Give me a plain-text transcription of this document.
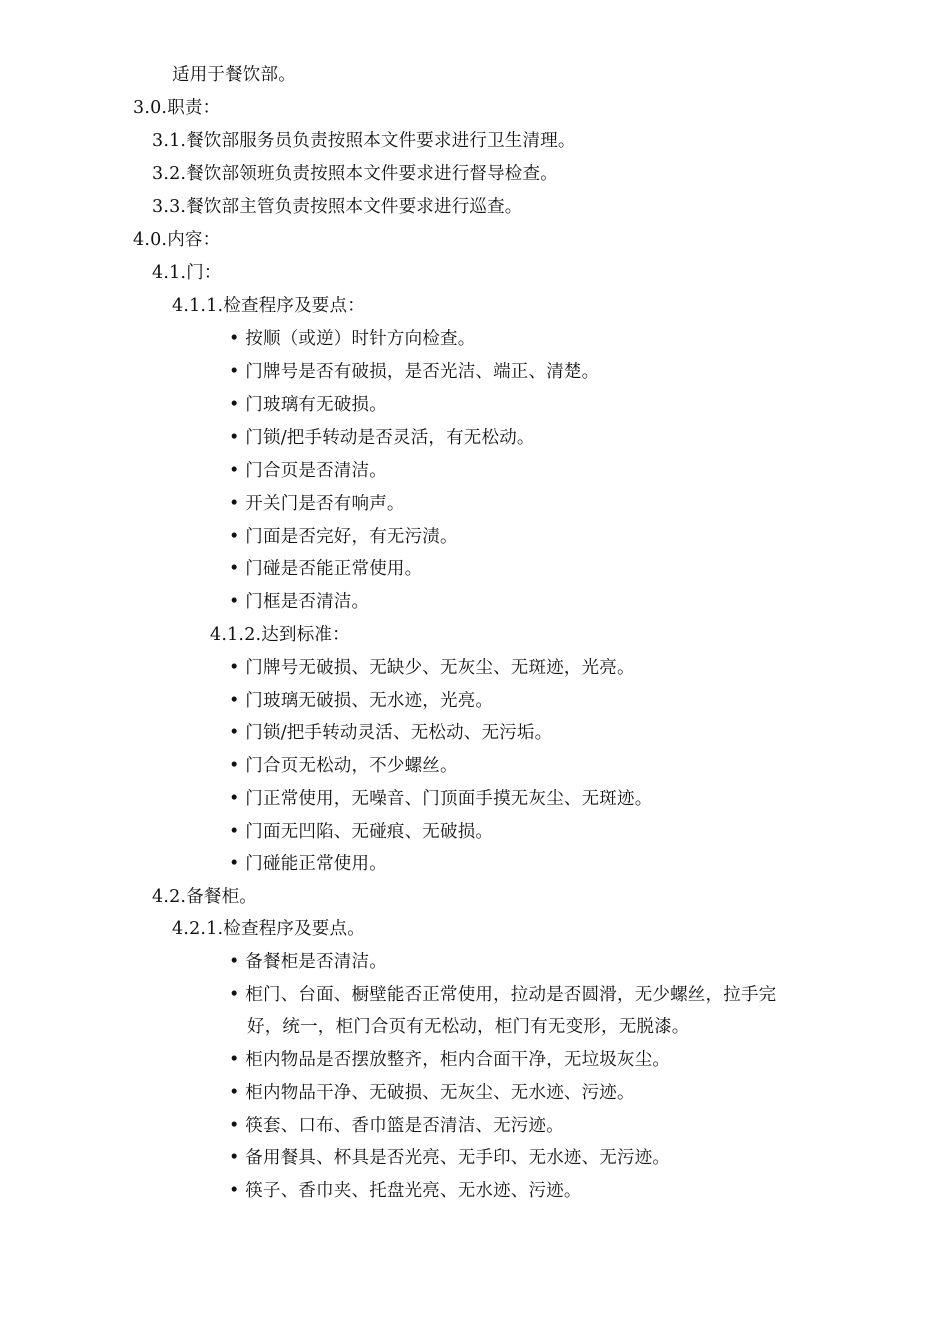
适用于餐饮部。
3.0.职责：
3.1.餐饮部服务员负责按照本文件要求进行卫生清理。
3.2.餐饮部领班负责按照本文件要求进行督导检查。
3.3.餐饮部主管负责按照本文件要求进行巡查。
4.0.内容：
4.1.门：
4.1.1.检查程序及要点：
• 按顺（或逆）时针方向检查。
• 门牌号是否有破损，是否光洁、端正、清楚。
• 门玻璃有无破损。
• 门锁/把手转动是否灵活，有无松动。
• 门合页是否清洁。
• 开关门是否有响声。
• 门面是否完好，有无污渍。
• 门碰是否能正常使用。
• 门框是否清洁。
4.1.2.达到标准：
• 门牌号无破损、无缺少、无灰尘、无斑迹，光亮。
• 门玻璃无破损、无水迹，光亮。
• 门锁/把手转动灵活、无松动、无污垢。
• 门合页无松动，不少螺丝。
• 门正常使用，无噪音、门顶面手摸无灰尘、无斑迹。
• 门面无凹陷、无碰痕、无破损。
• 门碰能正常使用。
4.2.备餐柜。
4.2.1.检查程序及要点。
• 备餐柜是否清洁。
• 柜门、台面、橱壁能否正常使用，拉动是否圆滑，无少螺丝，拉手完
好，统一，柜门合页有无松动，柜门有无变形，无脱漆。
• 柜内物品是否摆放整齐，柜内合面干净，无垃圾灰尘。
• 柜内物品干净、无破损、无灰尘、无水迹、污迹。
• 筷套、口布、香巾篮是否清洁、无污迹。
• 备用餐具、杯具是否光亮、无手印、无水迹、无污迹。
• 筷子、香巾夹、托盘光亮、无水迹、污迹。
